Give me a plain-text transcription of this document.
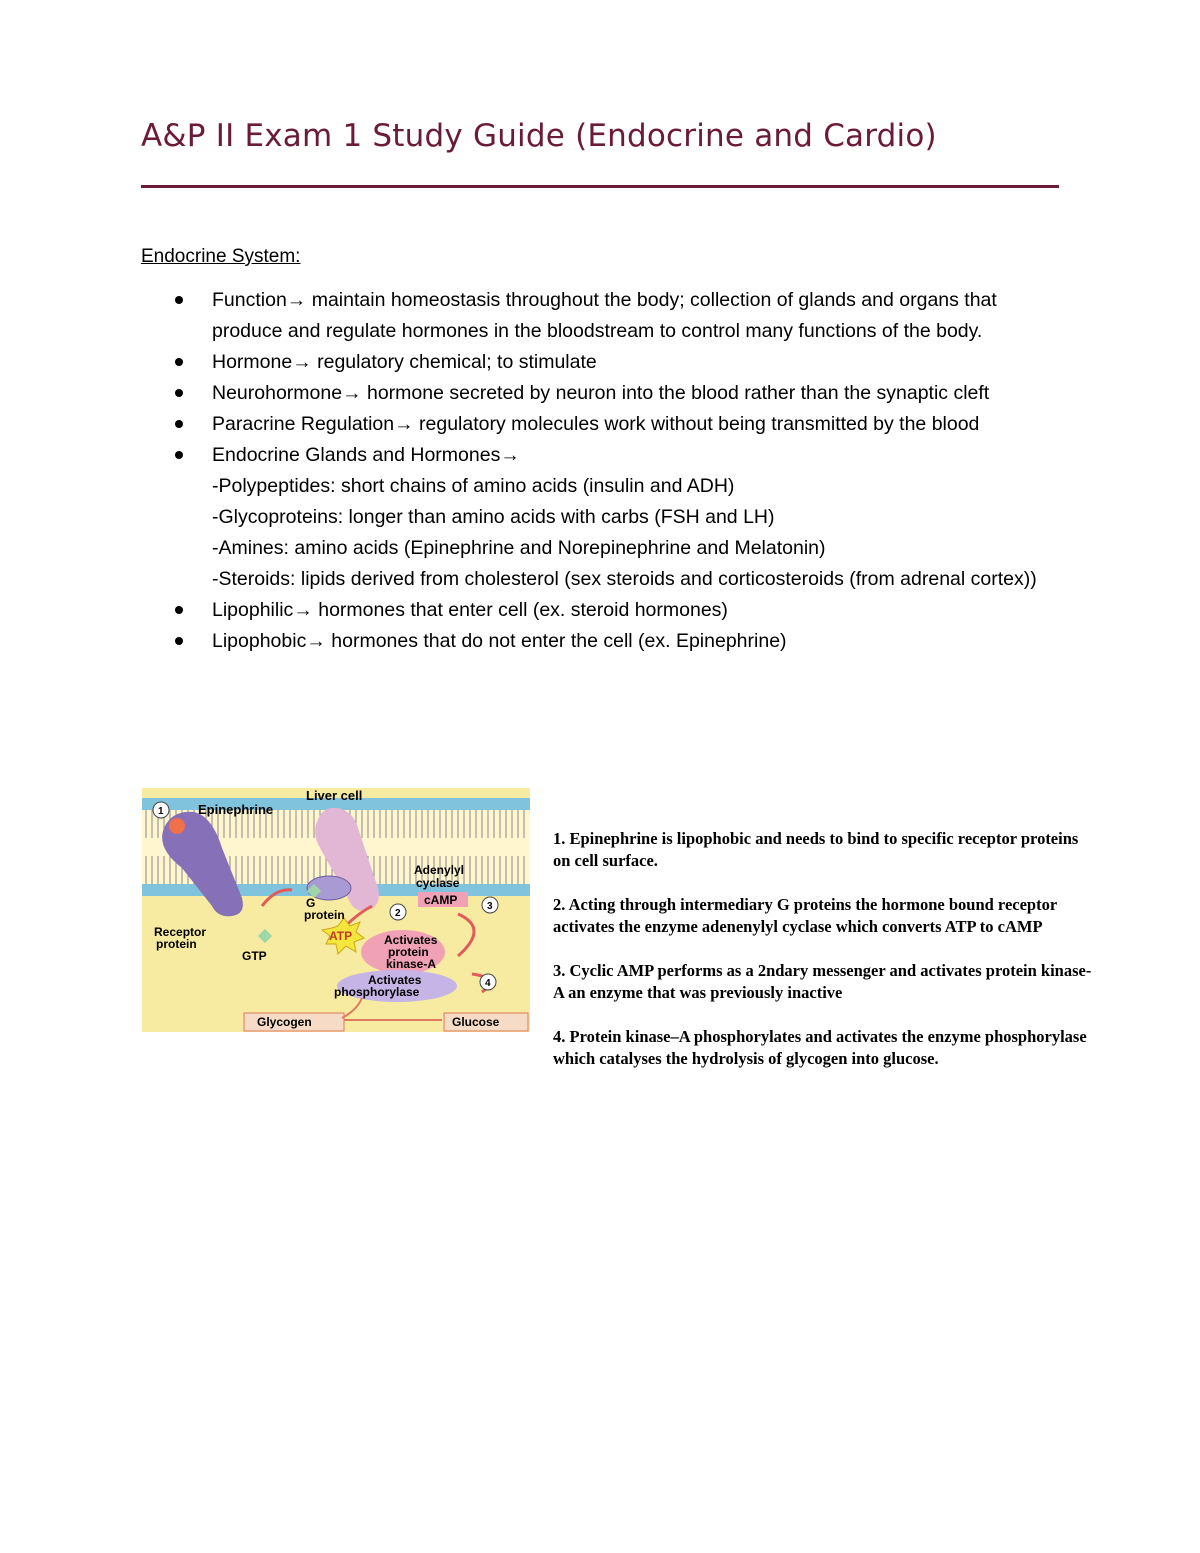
A&P II Exam 1 Study Guide (Endocrine and Cardio)
Endocrine System:
Function→ maintain homeostasis throughout the body; collection of glands and organs that produce and regulate hormones in the bloodstream to control many functions of the body.
Hormone→ regulatory chemical; to stimulate
Neurohormone→ hormone secreted by neuron into the blood rather than the synaptic cleft
Paracrine Regulation→ regulatory molecules work without being transmitted by the blood
Endocrine Glands and Hormones→
-Polypeptides: short chains of amino acids (insulin and ADH)
-Glycoproteins: longer than amino acids with carbs (FSH and LH)
-Amines: amino acids (Epinephrine and Norepinephrine and Melatonin)
-Steroids: lipids derived from cholesterol (sex steroids and corticosteroids (from adrenal cortex))
Lipophilic→ hormones that enter cell (ex. steroid hormones)
Lipophobic→ hormones that do not enter the cell (ex. Epinephrine)
1	Epinephrine
Liver cell
Adenylyl
cyclase
cAMP
G
protein	2
3
Receptor
protein
GTP
ATP	Activates
protein
kinase-A
4
Activates
phosphorylase
Glycogen	Glucose

1. Epinephrine is lipophobic and needs to bind to specific receptor proteins on cell surface.

2. Acting through intermediary G proteins the hormone bound receptor activates the enzyme adenenylyl cyclase which converts ATP to cAMP

3. Cyclic AMP performs as a 2ndary messenger and activates protein kinase-A an enzyme that was previously inactive

4. Protein kinase–A phosphorylates and activates the enzyme phosphorylase which catalyses the hydrolysis of glycogen into glucose.
